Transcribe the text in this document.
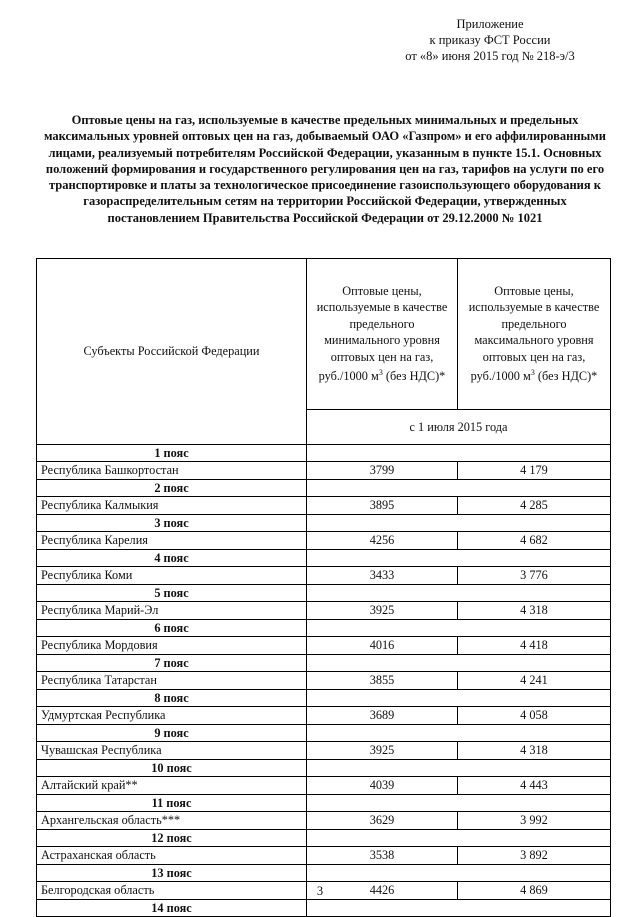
Приложение
к приказу ФСТ России
от «8» июня 2015 год № 218-э/3
Оптовые цены на газ, используемые в качестве предельных минимальных и предельных максимальных уровней оптовых цен на газ, добываемый ОАО «Газпром» и его аффилированными лицами, реализуемый потребителям Российской Федерации, указанным в пункте 15.1. Основных положений формирования и государственного регулирования цен на газ, тарифов на услуги по его транспортировке и платы за технологическое присоединение газоиспользующего оборудования к газораспределительным сетям на территории Российской Федерации, утвержденных постановлением Правительства Российской Федерации от 29.12.2000 № 1021
Субъекты Российской Федерации	Оптовые цены, используемые в качестве предельного минимального уровня оптовых цен на газ, руб./1000 $м^3$ (без НДС)*	Оптовые цены, используемые в качестве предельного максимального уровня оптовых цен на газ, руб./1000 $м^3$ (без НДС)*
	с 1 июля 2015 года	
1 пояс		
Республика Башкортостан	3799	4 179
2 пояс		
Республика Калмыкия	3895	4 285
3 пояс		
Республика Карелия	4256	4 682
4 пояс		
Республика Коми	3433	3 776
5 пояс		
Республика Марий-Эл	3925	4 318
6 пояс		
Республика Мордовия	4016	4 418
7 пояс		
Республика Татарстан	3855	4 241
8 пояс		
Удмуртская Республика	3689	4 058
9 пояс		
Чувашская Республика	3925	4 318
10 пояс		
Алтайский край**	4039	4 443
11 пояс		
Архангельская область***	3629	3 992
12 пояс		
Астраханская область	3538	3 892
13 пояс		
Белгородская область	4426	4 869
14 пояс		
3
